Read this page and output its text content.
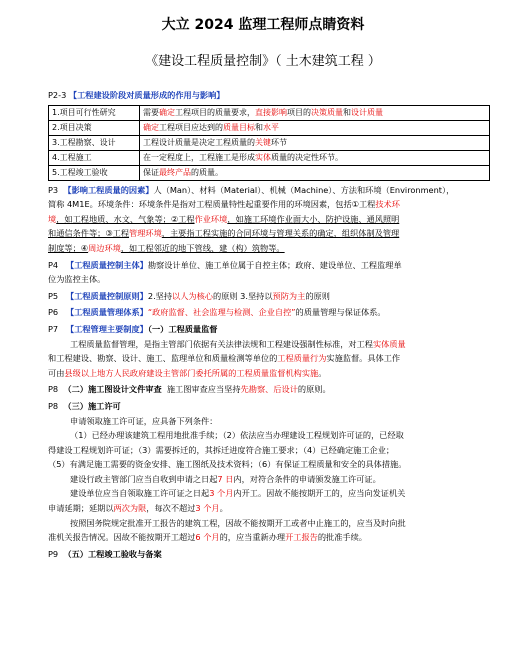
大立 2024 监理工程师点睛资料
《建设工程质量控制》（ 土木建筑工程 ）
P2-3 【工程建设阶段对质量形成的作用与影响】
1.项目可行性研究	需要确定工程项目的质量要求，直接影响项目的决策质量和设计质量
2.项目决策	确定工程项目应达到的质量目标和水平
3.工程勘察、设计	工程设计质量是决定工程质量的关键环节
4.工程施工	在一定程度上，工程施工是形成实体质量的决定性环节。
5.工程竣工验收	保证最终产品的质量。
P3 【影响工程质量的因素】人（Man）、材料（Material）、机械（Machine）、方法和环境（Environment），
简称 4M1E。环境条件：环境条件是指对工程质量特性起重要作用的环境因素，包括①工程技术环
境，如工程地质、水文、气象等；②工程作业环境，如施工环境作业面大小、防护设施、通风照明
和通信条件等；③工程管理环境，主要指工程实施的合同环境与管理关系的确定，组织体制及管理
制度等；④周边环境，如工程邻近的地下管线、建（构）筑物等。
P4 【工程质量控制主体】勘察设计单位、施工单位属于自控主体；政府、建设单位、工程监理单
位为监控主体。
P5 【工程质量控制原则】2.坚持以人为核心的原则 3.坚持以预防为主的原则
P6 【工程质量管理体系】“政府监督、社会监理与检测、企业自控”的质量管理与保证体系。
P7 【工程管理主要制度】（一）工程质量监督
工程质量监督管理，是指主管部门依据有关法律法规和工程建设强制性标准，对工程实体质量
和工程建设、勘察、设计、施工、监理单位和质量检测等单位的工程质量行为实施监督。具体工作
可由县级以上地方人民政府建设主管部门委托所属的工程质量监督机构实施。
P8 （二）施工图设计文件审查 施工图审查应当坚持先勘察、后设计的原则。
P8 （三）施工许可
申请领取施工许可证，应具备下列条件：
（1）已经办理该建筑工程用地批准手续；（2）依法应当办理建设工程规划许可证的，已经取
得建设工程规划许可证；（3）需要拆迁的，其拆迁进度符合施工要求；（4）已经确定施工企业；
（5）有满足施工需要的资金安排、施工图纸及技术资料；（6）有保证工程质量和安全的具体措施。
建设行政主管部门应当自收到申请之日起7 日内，对符合条件的申请颁发施工许可证。
建设单位应当自领取施工许可证之日起3 个月内开工。因故不能按期开工的，应当向发证机关
申请延期；延期以两次为限，每次不超过3 个月。
按照国务院规定批准开工报告的建筑工程，因故不能按期开工或者中止施工的，应当及时向批
准机关报告情况。因故不能按期开工超过6 个月的，应当重新办理开工报告的批准手续。
P9 （五）工程竣工验收与备案
